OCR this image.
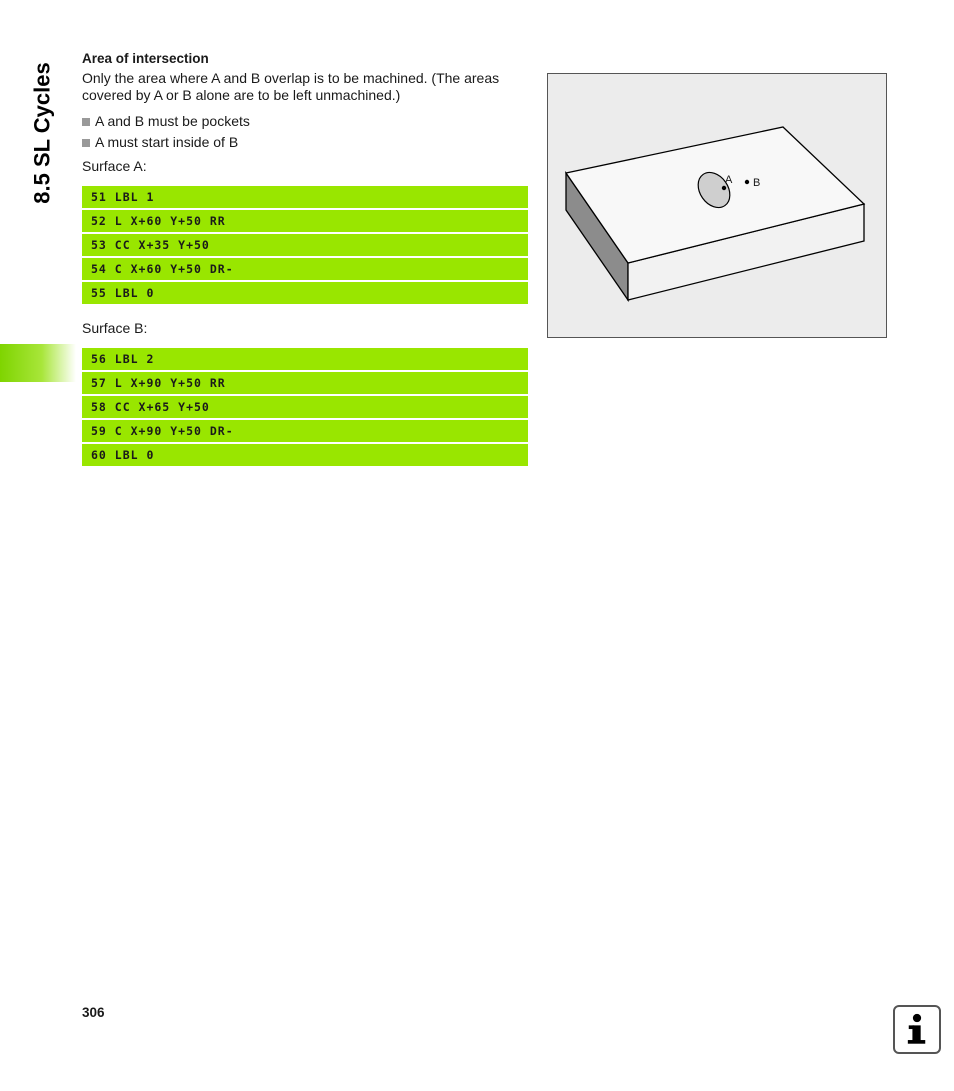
8.5 SL Cycles

Area of intersection

Only the area where A and B overlap is to be machined. (The areas covered by A or B alone are to be left unmachined.)

A and B must be pockets
A must start inside of B

Surface A:

51 LBL 1
52 L X+60 Y+50 RR
53 CC X+35 Y+50
54 C X+60 Y+50 DR-
55 LBL 0

Surface B:

56 LBL 2
57 L X+90 Y+50 RR
58 CC X+65 Y+50
59 C X+90 Y+50 DR-
60 LBL 0
A B
306
